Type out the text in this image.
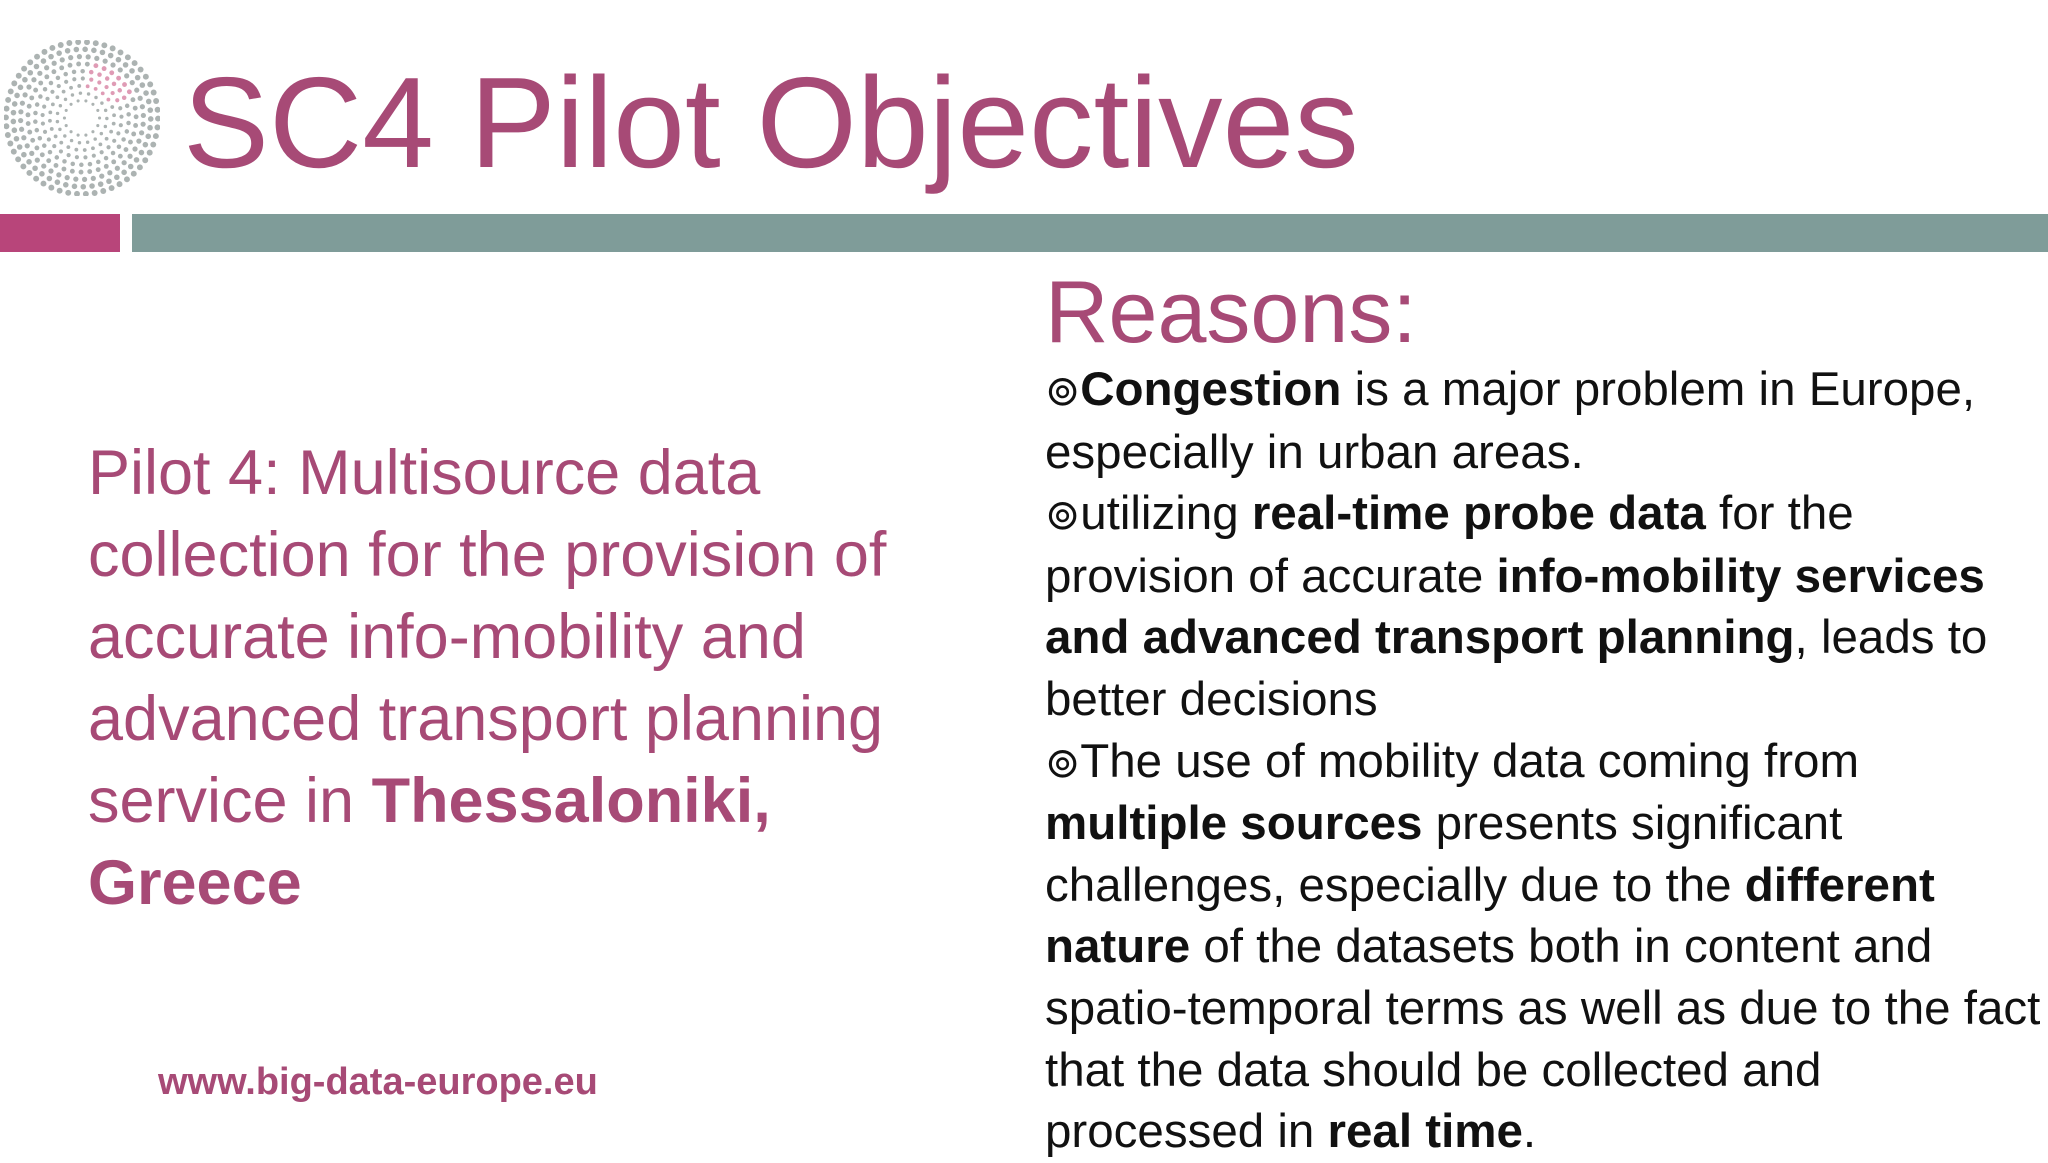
SC4 Pilot Objectives
Pilot 4: Multisource data collection for the provision of accurate info-mobility and advanced transport planning service in Thessaloniki, Greece
www.big-data-europe.eu
Reasons:

⊚Congestion is a major problem in Europe, especially in urban areas.

⊚utilizing real-time probe data for the provision of accurate info-mobility services and advanced transport planning, leads to better decisions

⊚The use of mobility data coming from multiple sources presents significant challenges, especially due to the different nature of the datasets both in content and spatio-temporal terms as well as due to the fact that the data should be collected and processed in real time.
